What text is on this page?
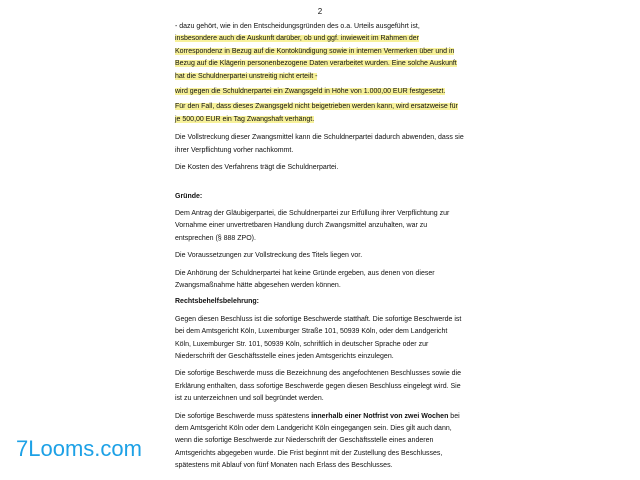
2

- dazu gehört, wie in den Entscheidungsgründen des o.a. Urteils ausgeführt ist,
insbesondere auch die Auskunft darüber, ob und ggf. inwieweit im Rahmen der Korrespondenz in Bezug auf die Kontokündigung sowie in internen Vermerken über und in Bezug auf die Klägerin personenbezogene Daten verarbeitet wurden. Eine solche Auskunft hat die Schuldnerpartei unstreitig nicht erteilt -

wird gegen die Schuldnerpartei ein Zwangsgeld in Höhe von 1.000,00 EUR festgesetzt.

Für den Fall, dass dieses Zwangsgeld nicht beigetrieben werden kann, wird ersatzweise für je 500,00 EUR ein Tag Zwangshaft verhängt.

Die Vollstreckung dieser Zwangsmittel kann die Schuldnerpartei dadurch abwenden, dass sie ihrer Verpflichtung vorher nachkommt.

Die Kosten des Verfahrens trägt die Schuldnerpartei.

Gründe:

Dem Antrag der Gläubigerpartei, die Schuldnerpartei zur Erfüllung ihrer Verpflichtung zur Vornahme einer unvertretbaren Handlung durch Zwangsmittel anzuhalten, war zu entsprechen (§ 888 ZPO).

Die Voraussetzungen zur Vollstreckung des Titels liegen vor.

Die Anhörung der Schuldnerpartei hat keine Gründe ergeben, aus denen von dieser Zwangsmaßnahme hätte abgesehen werden können.

Rechtsbehelfsbelehrung:

Gegen diesen Beschluss ist die sofortige Beschwerde statthaft. Die sofortige Beschwerde ist bei dem Amtsgericht Köln, Luxemburger Straße 101, 50939 Köln, oder dem Landgericht Köln, Luxemburger Str. 101, 50939 Köln, schriftlich in deutscher Sprache oder zur Niederschrift der Geschäftsstelle eines jeden Amtsgerichts einzulegen.

Die sofortige Beschwerde muss die Bezeichnung des angefochtenen Beschlusses sowie die Erklärung enthalten, dass sofortige Beschwerde gegen diesen Beschluss eingelegt wird. Sie ist zu unterzeichnen und soll begründet werden.

Die sofortige Beschwerde muss spätestens innerhalb einer Notfrist von zwei Wochen bei dem Amtsgericht Köln oder dem Landgericht Köln eingegangen sein. Dies gilt auch dann, wenn die sofortige Beschwerde zur Niederschrift der Geschäftsstelle eines anderen Amtsgerichts abgegeben wurde. Die Frist beginnt mit der Zustellung des Beschlusses, spätestens mit Ablauf von fünf Monaten nach Erlass des Beschlusses.

7Looms.com
